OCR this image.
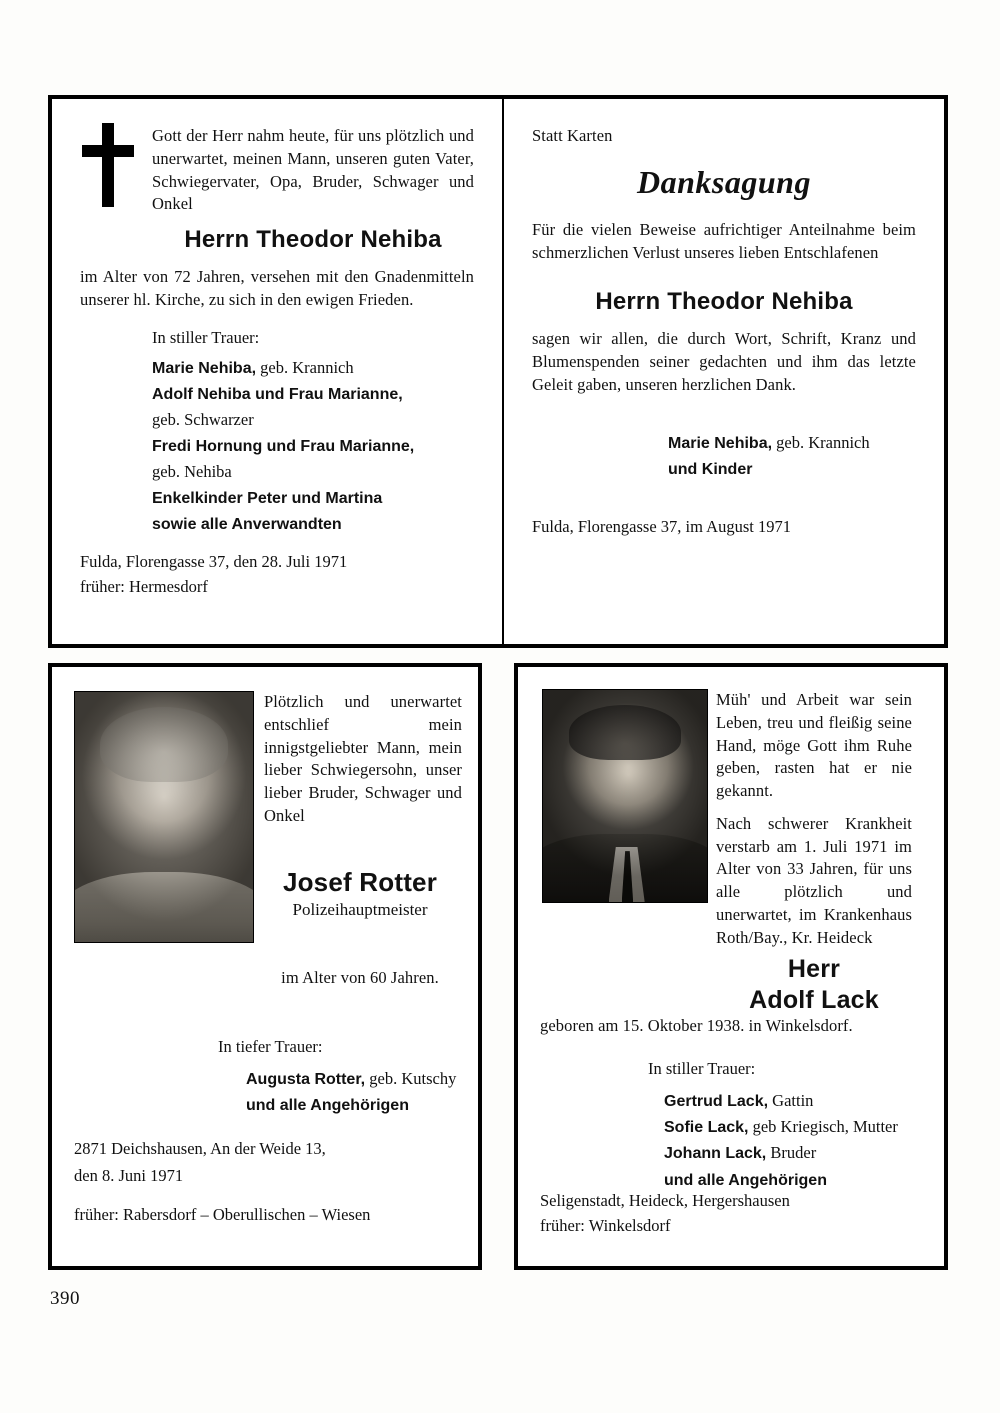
Gott der Herr nahm heute, für uns plötzlich und unerwartet, meinen Mann, unseren guten Vater, Schwiegervater, Opa, Bruder, Schwager und Onkel
Herrn Theodor Nehiba
im Alter von 72 Jahren, versehen mit den Gnadenmitteln unserer hl. Kirche, zu sich in den ewigen Frieden.
In stiller Trauer:
Marie Nehiba, geb. Krannich
Adolf Nehiba und Frau Marianne,
geb. Schwarzer
Fredi Hornung und Frau Marianne,
geb. Nehiba
Enkelkinder Peter und Martina
sowie alle Anverwandten
Fulda, Florengasse 37, den 28. Juli 1971
früher: Hermesdorf
Statt Karten
Danksagung
Für die vielen Beweise aufrichtiger Anteilnahme beim schmerzlichen Verlust unseres lieben Entschlafenen
Herrn Theodor Nehiba
sagen wir allen, die durch Wort, Schrift, Kranz und Blumenspenden seiner gedachten und ihm das letzte Geleit gaben, unseren herzlichen Dank.
Marie Nehiba, geb. Krannich
und Kinder
Fulda, Florengasse 37, im August 1971
Plötzlich und unerwartet entschlief mein innigstgeliebter Mann, mein lieber Schwiegersohn, unser lieber Bruder, Schwager und Onkel
Josef Rotter
Polizeihauptmeister
im Alter von 60 Jahren.
In tiefer Trauer:
Augusta Rotter, geb. Kutschy
und alle Angehörigen
2871 Deichshausen, An der Weide 13,
den 8. Juni 1971
früher: Rabersdorf – Oberullischen – Wiesen
Müh' und Arbeit war sein Leben, treu und fleißig seine Hand, möge Gott ihm Ruhe geben, rasten hat er nie gekannt.
Nach schwerer Krankheit verstarb am 1. Juli 1971 im Alter von 33 Jahren, für uns alle plötzlich und unerwartet, im Krankenhaus Roth/Bay., Kr. Heideck
Herr
Adolf Lack
geboren am 15. Oktober 1938. in Winkelsdorf.
In stiller Trauer:
Gertrud Lack, Gattin
Sofie Lack, geb Kriegisch, Mutter
Johann Lack, Bruder
und alle Angehörigen
Seligenstadt, Heideck, Hergershausen
früher: Winkelsdorf
390
